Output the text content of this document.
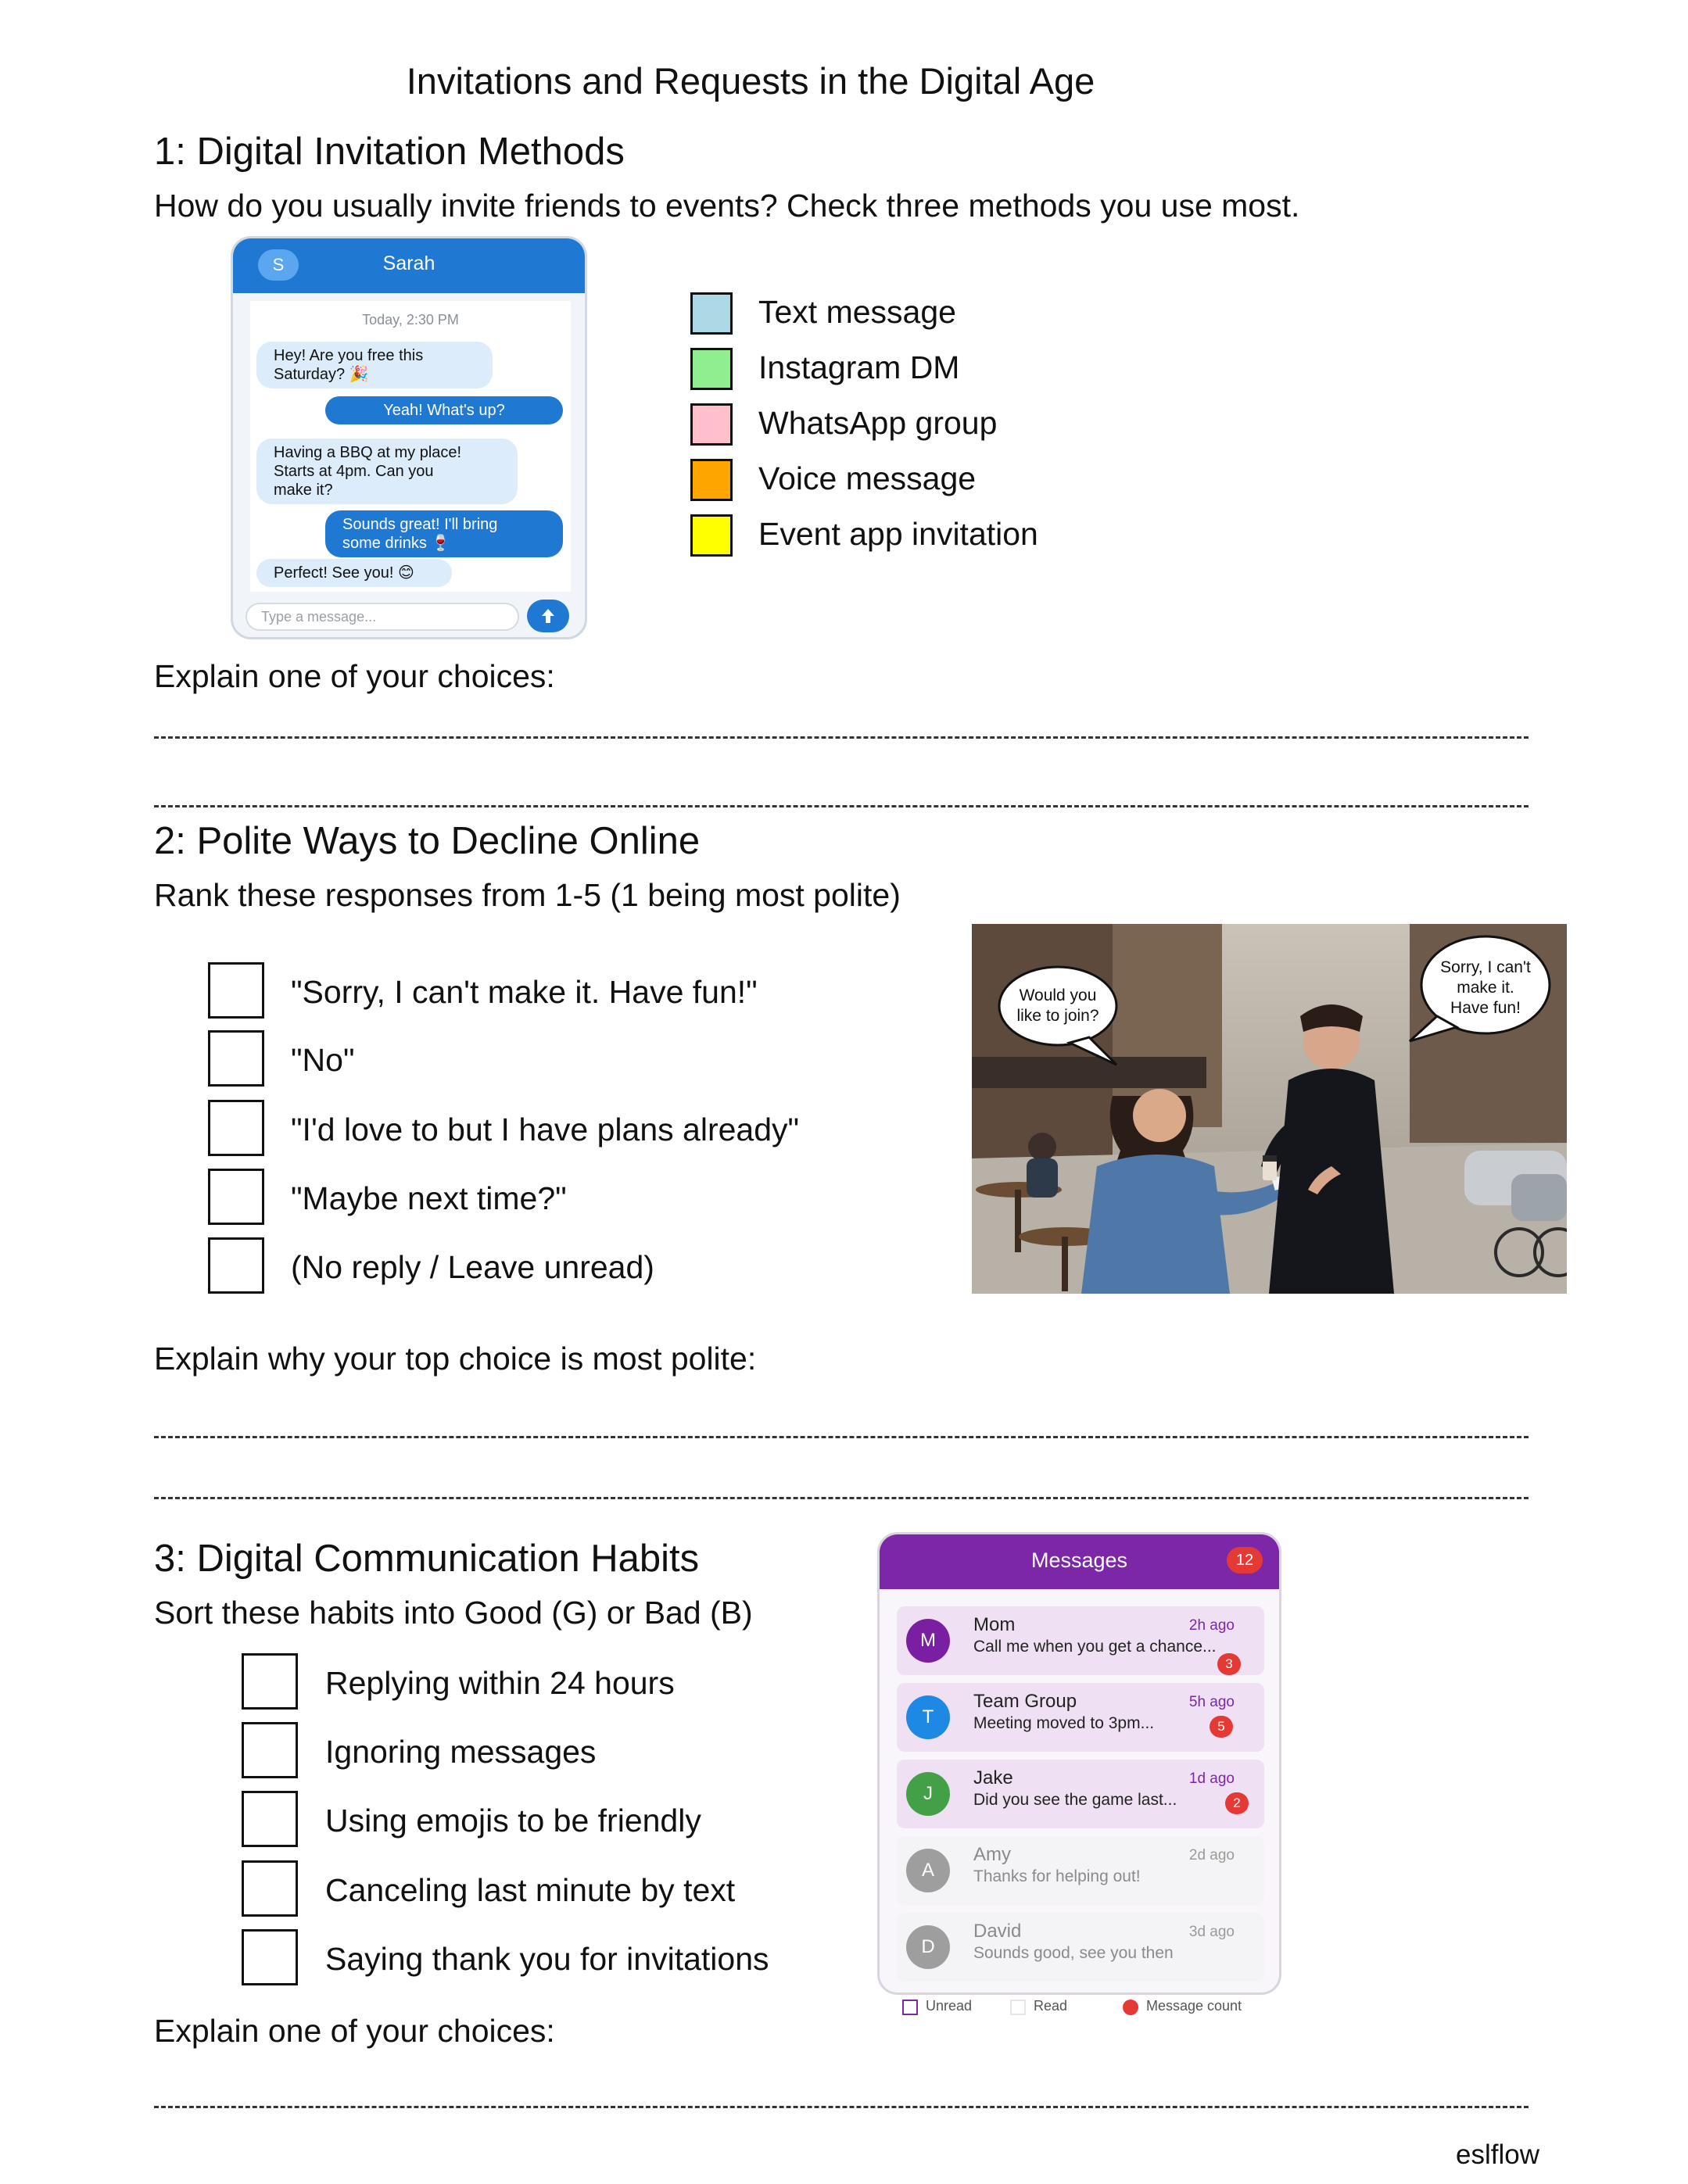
Invitations and Requests in the Digital Age
1: Digital Invitation Methods
How do you usually invite friends to events? Check three methods you use most.
S	Sarah
Today, 2:30 PM
Hey! Are you free this
Saturday? 🎉
Yeah! What's up?
Having a BBQ at my place!
Starts at 4pm. Can you
make it?
Sounds great! I'll bring
some drinks 🍷
Perfect! See you! 😊
Type a message...
Text message
Instagram DM
WhatsApp group
Voice message
Event app invitation
Explain one of your choices:
2: Polite Ways to Decline Online
Rank these responses from 1-5 (1 being most polite)
"Sorry, I can't make it. Have fun!"
"No"
"I'd love to but I have plans already"
"Maybe next time?"
(No reply / Leave unread)
Would you
like to join?
Sorry, I can't
make it.
Have fun!
Explain why your top choice is most polite:
3: Digital Communication Habits
Sort these habits into Good (G) or Bad (B)
Replying within 24 hours
Ignoring messages
Using emojis to be friendly
Canceling last minute by text
Saying thank you for invitations
Messages	12
M
Mom	2h ago
Call me when you get a chance...
3
T
Team Group	5h ago
Meeting moved to 3pm...	5
J
Jake	1d ago
Did you see the game last...	2
A
Amy	2d ago
Thanks for helping out!
D
David	3d ago
Sounds good, see you then
Unread	Read	Message count
Explain one of your choices:
eslflow
